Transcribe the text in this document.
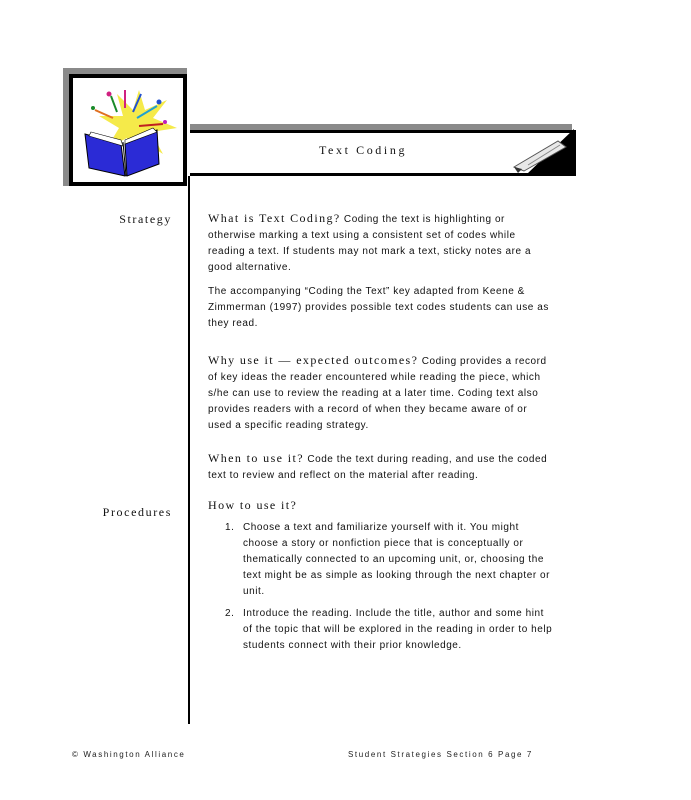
Text Coding
Strategy
Procedures
What is Text Coding? Coding the text is highlighting or otherwise marking a text using a consistent set of codes while reading a text. If students may not mark a text, sticky notes are a good alternative.
The accompanying “Coding the Text” key adapted from Keene & Zimmerman (1997) provides possible text codes students can use as they read.
Why use it — expected outcomes? Coding provides a record of key ideas the reader encountered while reading the piece, which s/he can use to review the reading at a later time. Coding text also provides readers with a record of when they became aware of or used a specific reading strategy.
When to use it? Code the text during reading, and use the coded text to review and reflect on the material after reading.
How to use it?
1. Choose a text and familiarize yourself with it. You might choose a story or nonfiction piece that is conceptually or thematically connected to an upcoming unit, or, choosing the text might be as simple as looking through the next chapter or unit.
2. Introduce the reading. Include the title, author and some hint of the topic that will be explored in the reading in order to help students connect with their prior knowledge.
© Washington Alliance	Student Strategies Section 6 Page 7
